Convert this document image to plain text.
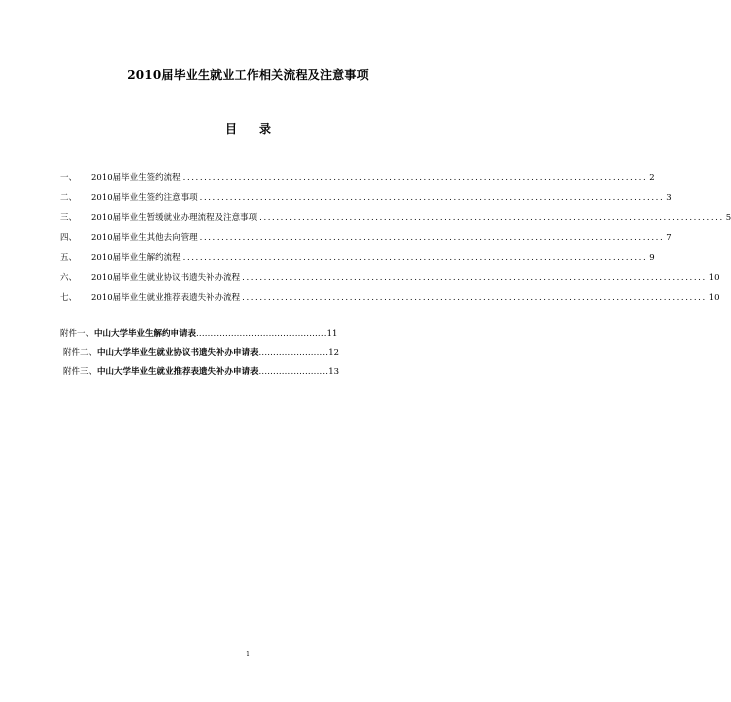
2010届毕业生就业工作相关流程及注意事项
目录
一、	2010届毕业生签约流程 ............................................................................................................ 2
二、	2010届毕业生签约注意事项 ............................................................................................................ 3
三、	2010届毕业生暂缓就业办理流程及注意事项 ............................................................................................................ 5
四、	2010届毕业生其他去向管理 ............................................................................................................ 7
五、	2010届毕业生解约流程 ............................................................................................................ 9
六、	2010届毕业生就业协议书遗失补办流程 ............................................................................................................ 10
七、	2010届毕业生就业推荐表遗失补办流程 ............................................................................................................ 10
附件一、 中山大学毕业生解约申请表 ............................................. 11
附件二、 中山大学毕业生就业协议书遗失补办申请表 ........................ 12
附件三、 中山大学毕业生就业推荐表遗失补办申请表 ........................ 13
1
